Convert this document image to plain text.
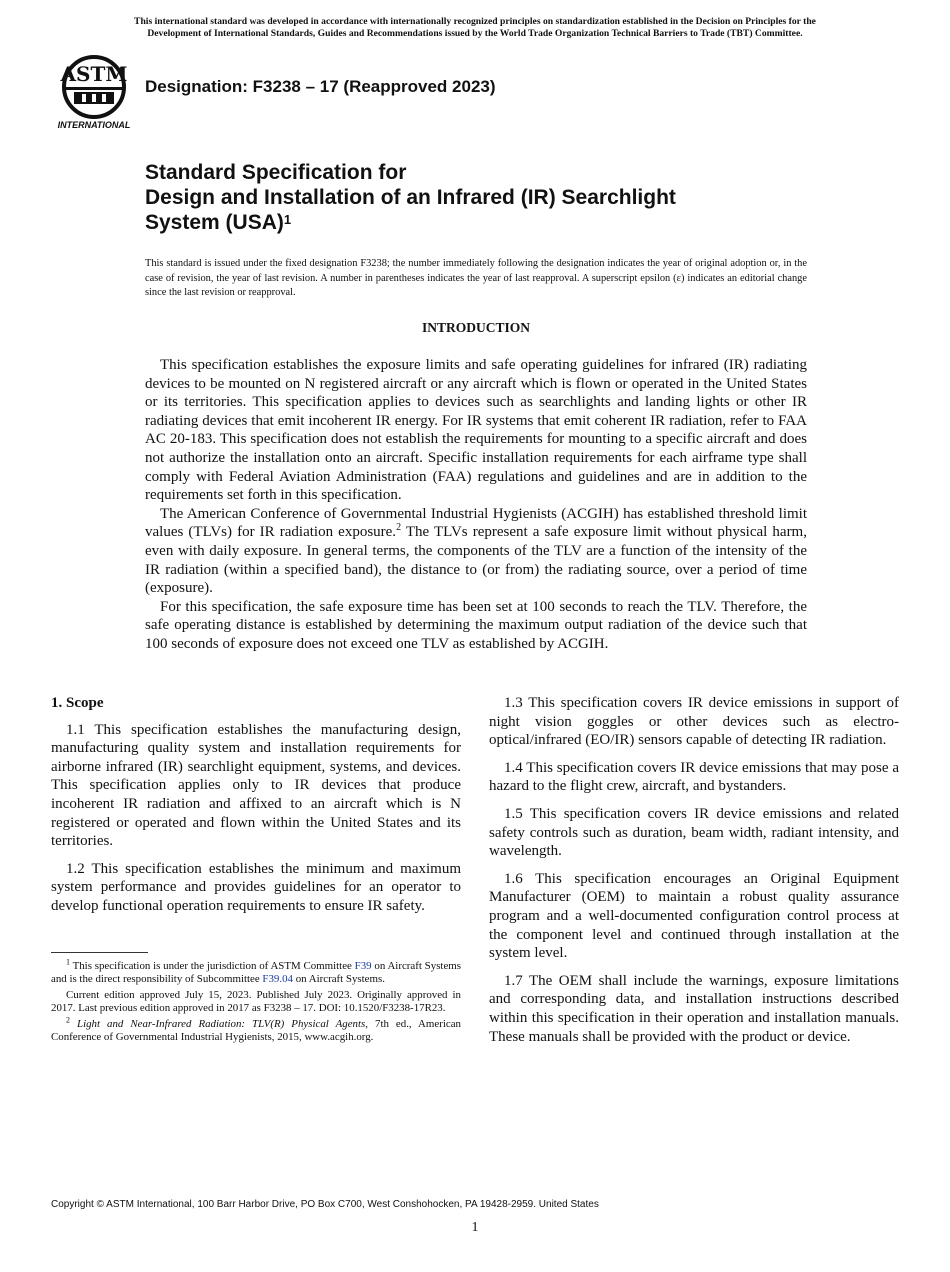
This international standard was developed in accordance with internationally recognized principles on standardization established in the Decision on Principles for the
Development of International Standards, Guides and Recommendations issued by the World Trade Organization Technical Barriers to Trade (TBT) Committee.
ASTM
INTERNATIONAL
Designation: F3238 – 17 (Reapproved 2023)
Standard Specification for
Design and Installation of an Infrared (IR) Searchlight
System (USA)$^1$
This standard is issued under the fixed designation F3238; the number immediately following the designation indicates the year of original adoption or, in the case of revision, the year of last revision. A number in parentheses indicates the year of last reapproval. A superscript epsilon (ε) indicates an editorial change since the last revision or reapproval.
INTRODUCTION

This specification establishes the exposure limits and safe operating guidelines for infrared (IR) radiating devices to be mounted on N registered aircraft or any aircraft which is flown or operated in the United States or its territories. This specification applies to devices such as searchlights and landing lights or other IR radiating devices that emit incoherent IR energy. For IR systems that emit coherent IR radiation, refer to FAA AC 20-183. This specification does not establish the requirements for mounting to a specific aircraft and does not authorize the installation onto an aircraft. Specific installation requirements for each airframe type shall comply with Federal Aviation Administration (FAA) regulations and guidelines and are in addition to the requirements set forth in this specification.

The American Conference of Governmental Industrial Hygienists (ACGIH) has established threshold limit values (TLVs) for IR radiation exposure.$^2$ The TLVs represent a safe exposure limit without physical harm, even with daily exposure. In general terms, the components of the TLV are a function of the intensity of the IR radiation (within a specified band), the distance to (or from) the radiating source, over a period of time (exposure).

For this specification, the safe exposure time has been set at 100 seconds to reach the TLV. Therefore, the safe operating distance is established by determining the maximum output radiation of the device such that 100 seconds of exposure does not exceed one TLV as established by ACGIH.

1. Scope

1.1 This specification establishes the manufacturing design, manufacturing quality system and installation requirements for airborne infrared (IR) searchlight equipment, systems, and devices. This specification applies only to IR devices that produce incoherent IR radiation and affixed to an aircraft which is N registered or operated and flown within the United States and its territories.

1.2 This specification establishes the minimum and maximum system performance and provides guidelines for an operator to develop functional operation requirements to ensure IR safety.

1.3 This specification covers IR device emissions in support of night vision goggles or other devices such as electro-optical/infrared (EO/IR) sensors capable of detecting IR radiation.

1.4 This specification covers IR device emissions that may pose a hazard to the flight crew, aircraft, and bystanders.

1.5 This specification covers IR device emissions and related safety controls such as duration, beam width, radiant intensity, and wavelength.

1.6 This specification encourages an Original Equipment Manufacturer (OEM) to maintain a robust quality assurance program and a well-documented configuration control process at the component level and continued through installation at the system level.

1.7 The OEM shall include the warnings, exposure limitations and corresponding data, and installation instructions described within this specification in their operation and installation manuals. These manuals shall be provided with the product or device.

$^1$ This specification is under the jurisdiction of ASTM Committee F39 on Aircraft Systems and is the direct responsibility of Subcommittee F39.04 on Aircraft Systems.

Current edition approved July 15, 2023. Published July 2023. Originally approved in 2017. Last previous edition approved in 2017 as F3238 – 17. DOI: 10.1520/F3238-17R23.

$^2$ Light and Near-Infrared Radiation: TLV(R) Physical Agents, 7th ed., American Conference of Governmental Industrial Hygienists, 2015, www.acgih.org.

Copyright © ASTM International, 100 Barr Harbor Drive, PO Box C700, West Conshohocken, PA 19428-2959. United States
1
